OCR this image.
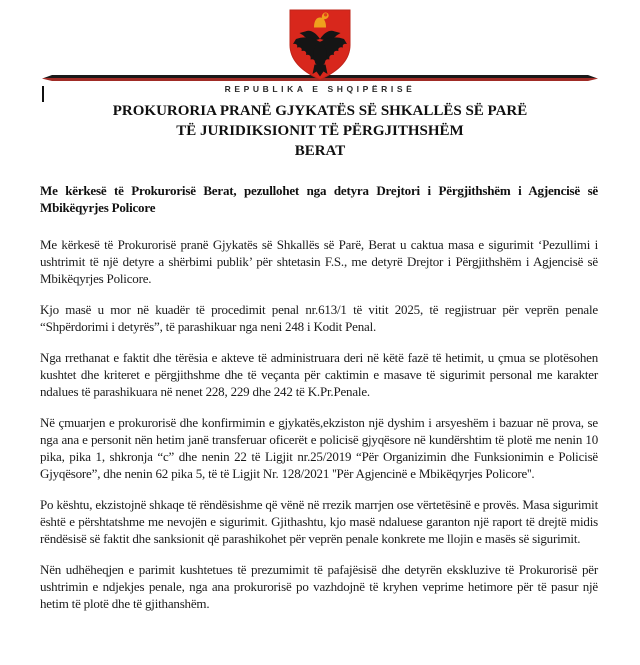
REPUBLIKA E SHQIPËRISË
PROKURORIA PRANË GJYKATËS SË SHKALLËS SË PARË
TË JURIDIKSIONIT TË PËRGJITHSHËM
BERAT

Me kërkesë të Prokurorisë Berat, pezullohet nga detyra Drejtori i Përgjithshëm i Agjencisë së Mbikëqyrjes Policore

Me kërkesë të Prokurorisë pranë Gjykatës së Shkallës së Parë, Berat u caktua masa e sigurimit ‘Pezullimi i ushtrimit të një detyre a shërbimi publik’ për shtetasin F.S., me detyrë Drejtor i Përgjithshëm i Agjencisë së Mbikëqyrjes Policore.

Kjo masë u mor në kuadër të procedimit penal nr.613/1 të vitit 2025, të regjistruar për veprën penale “Shpërdorimi i detyrës”, të parashikuar nga neni 248 i Kodit Penal.

Nga rrethanat e faktit dhe tërësia e akteve të administruara deri në këtë fazë të hetimit, u çmua se plotësohen kushtet dhe kriteret e përgjithshme dhe të veçanta për caktimin e masave të sigurimit personal me karakter ndalues të parashikuara në nenet 228, 229 dhe 242 të K.Pr.Penale.

Në çmuarjen e prokurorisë dhe konfirmimin e gjykatës,ekziston një dyshim i arsyeshëm i bazuar në prova, se nga ana e personit nën hetim janë transferuar oficerët e policisë gjyqësore në kundërshtim të plotë me nenin 10 pika, pika 1, shkronja “c” dhe nenin 22 të Ligjit nr.25/2019 “Për Organizimin dhe Funksionimin e Policisë Gjyqësore”, dhe nenin 62 pika 5, të të Ligjit Nr. 128/2021 ''Për Agjencinë e Mbikëqyrjes Policore''.

Po kështu, ekzistojnë shkaqe të rëndësishme që vënë në rrezik marrjen ose vërtetësinë e provës. Masa sigurimit është e përshtatshme me nevojën e sigurimit. Gjithashtu, kjo masë ndaluese garanton një raport të drejtë midis rëndësisë së faktit dhe sanksionit që parashikohet për veprën penale konkrete me llojin e masës së sigurimit.

Nën udhëheqjen e parimit kushtetues të prezumimit të pafajësisë dhe detyrën ekskluzive të Prokurorisë për ushtrimin e ndjekjes penale, nga ana prokurorisë po vazhdojnë të kryhen veprime hetimore për të pasur një hetim të plotë dhe të gjithanshëm.
